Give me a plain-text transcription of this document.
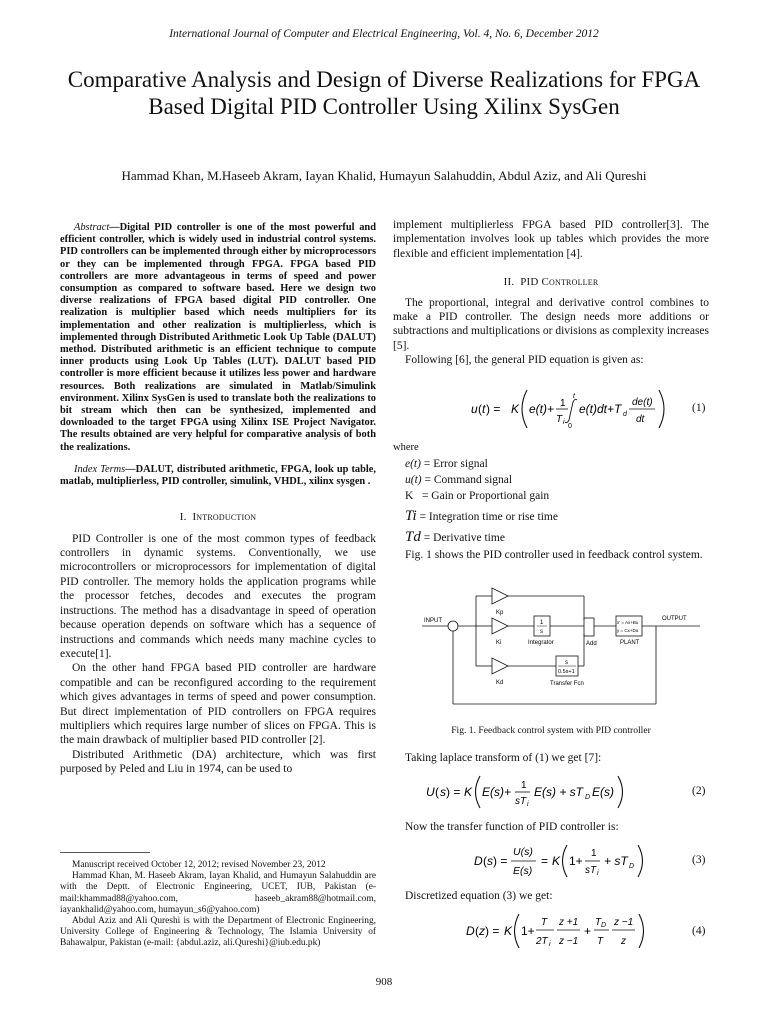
International Journal of Computer and Electrical Engineering, Vol. 4, No. 6, December 2012
Comparative Analysis and Design of Diverse Realizations for FPGA Based Digital PID Controller Using Xilinx SysGen
Hammad Khan, M.Haseeb Akram, Iayan Khalid, Humayun Salahuddin, Abdul Aziz, and Ali Qureshi

Abstract—Digital PID controller is one of the most powerful and efficient controller, which is widely used in industrial control systems. PID controllers can be implemented through either by microprocessors or they can be implemented through FPGA. FPGA based PID controllers are more advantageous in terms of speed and power consumption as compared to software based. Here we design two diverse realizations of FPGA based digital PID controller. One realization is multiplier based which needs multipliers for its implementation and other realization is multiplierless, which is implemented through Distributed Arithmetic Look Up Table (DALUT) method. Distributed arithmetic is an efficient technique to compute inner products using Look Up Tables (LUT). DALUT based PID controller is more efficient because it utilizes less power and hardware resources. Both realizations are simulated in Matlab/Simulink environment. Xilinx SysGen is used to translate both the realizations to bit stream which then can be synthesized, implemented and downloaded to the target FPGA using Xilinx ISE Project Navigator. The results obtained are very helpful for comparative analysis of both the realizations.

Index Terms—DALUT, distributed arithmetic, FPGA, look up table, matlab, multiplierless, PID controller, simulink, VHDL, xilinx sysgen .

I. Introduction

PID Controller is one of the most common types of feedback controllers in dynamic systems. Conventionally, we use microcontrollers or microprocessors for implementation of digital PID controller. The memory holds the application programs while the processor fetches, decodes and executes the program instructions. The method has a disadvantage in speed of operation because operation depends on software which has a sequence of instructions and commands which needs many machine cycles to execute[1].

On the other hand FPGA based PID controller are hardware compatible and can be reconfigured according to the requirement which gives advantages in terms of speed and power consumption. But direct implementation of PID controllers on FPGA requires multipliers which requires large number of slices on FPGA. This is the main drawback of multiplier based PID controller [2].

Distributed Arithmetic (DA) architecture, which was first purposed by Peled and Liu in 1974, can be used to

Manuscript received October 12, 2012; revised November 23, 2012

Hammad Khan, M. Haseeb Akram, Iayan Khalid, and Humayun Salahuddin are with the Deptt. of Electronic Engineering, UCET, IUB, Pakistan (e-mail:khammad88@yahoo.com, haseeb_akram88@hotmail.com, iayankhalid@yahoo.com, humayun_s6@yahoo.com)

Abdul Aziz and Ali Qureshi is with the Department of Electronic Engineering, University College of Engineering & Technology, The Islamia University of Bahawalpur, Pakistan (e-mail: {abdul.aziz, ali.Qureshi}@iub.edu.pk)

implement multiplierless FPGA based PID controller[3]. The implementation involves look up tables which provides the more flexible and efficient implementation [4].

II. PID Controller

The proportional, integral and derivative control combines to make a PID controller. The design needs more additions or subtractions and multiplications or divisions as complexity increases [5].

Following [6], the general PID equation is given as:

u ( t ) = K e(t)+ 1
T i
t
0
e(t)dt+T d
de(t)
dt
(1)
where
e(t) = Error signal
u(t) = Command signal
K   = Gain or Proportional gain
Ti = Integration time or rise time
Td = Derivative time

Fig. 1 shows the PID controller used in feedback control system.

INPUT
Kp
Ki
Kd
1
s
Integrator
s
0.5s+1
Transfer Fcn
Add
x' = Ax+Bu
y = Cx+Du
PLANT
OUTPUT
Fig. 1. Feedback control system with PID controller

Taking laplace transform of (1) we get [7]:

U ( s ) = K E(s)+ 1
sT i
E(s) + sT D E(s)	(2)

Now the transfer function of PID controller is:

D ( s ) =
U(s)
E(s)
= K 1+
1
sT i
+ sT D
(3)

Discretized equation (3) we get:

D ( z ) = K 1+
T
2T i
z +1
z −1
+
T D
T
z −1
z
(4)
908
